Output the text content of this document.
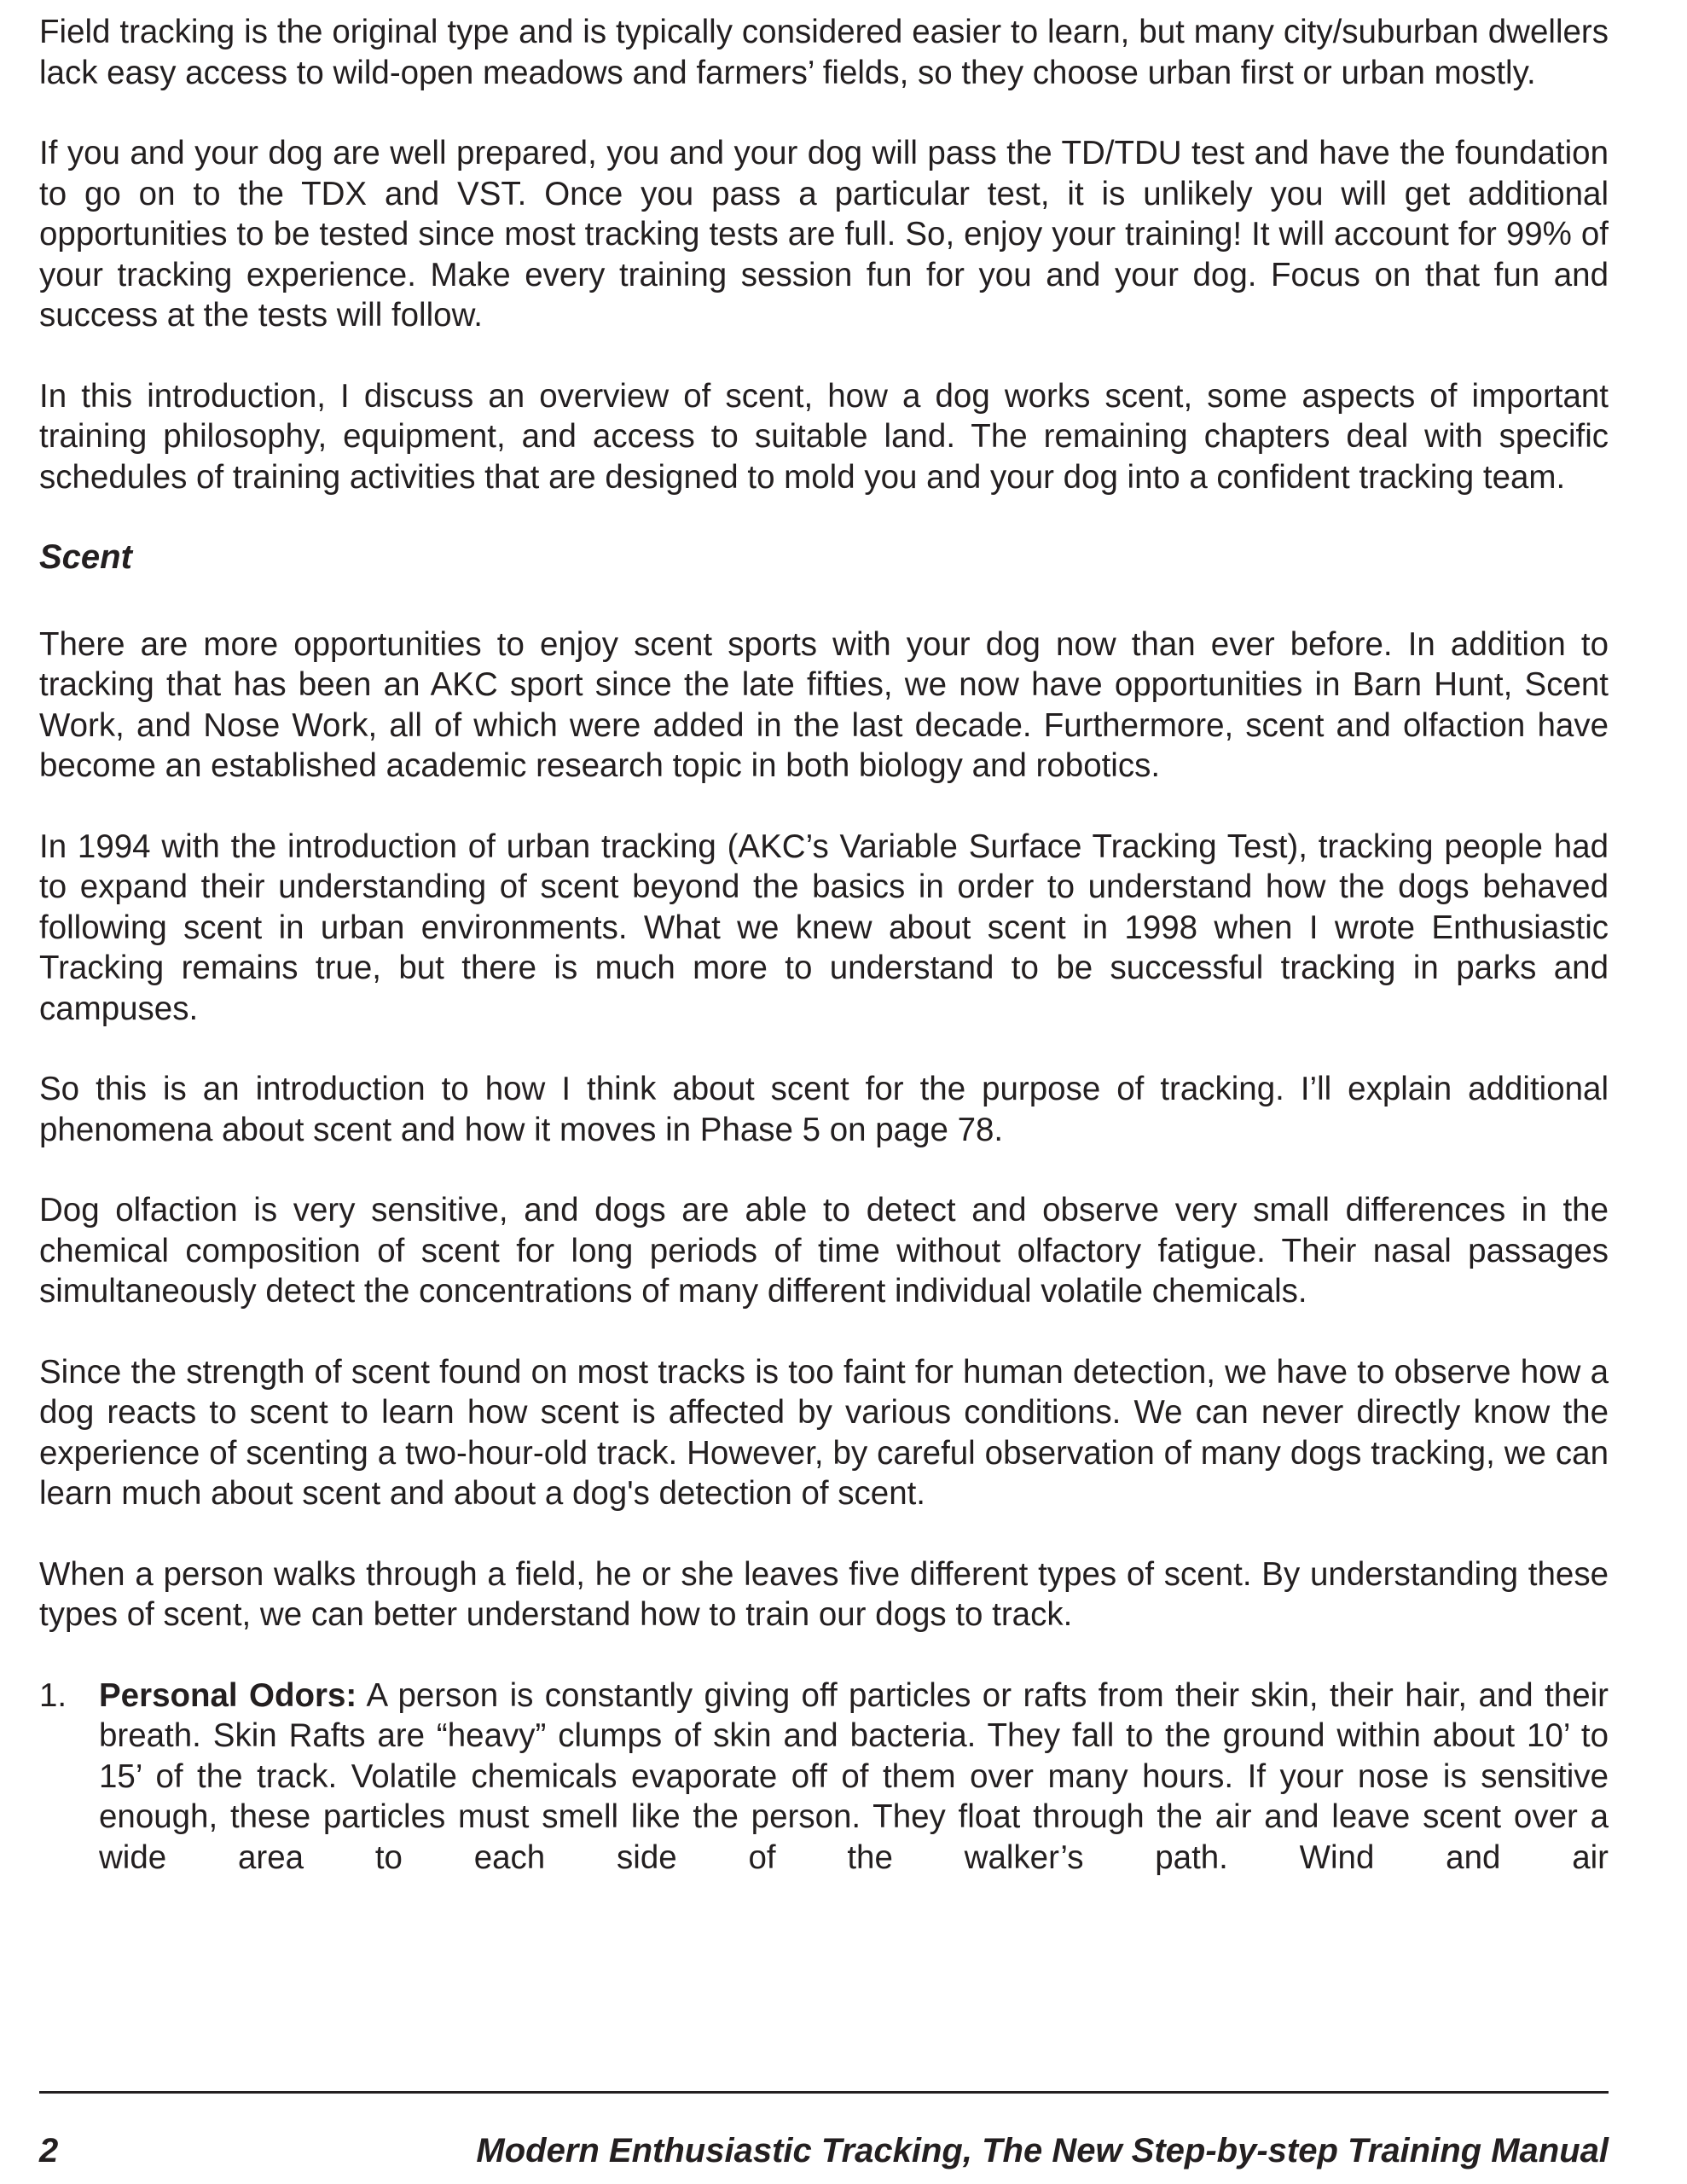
Field tracking is the original type and is typically considered easier to learn, but many city/suburban dwellers lack easy access to wild-open meadows and farmers’ fields, so they choose urban first or urban mostly.

If you and your dog are well prepared, you and your dog will pass the TD/TDU test and have the foundation to go on to the TDX and VST. Once you pass a particular test, it is unlikely you will get additional opportunities to be tested since most tracking tests are full. So, enjoy your training! It will account for 99% of your tracking experience. Make every training session fun for you and your dog. Focus on that fun and success at the tests will follow.

In this introduction, I discuss an overview of scent, how a dog works scent, some aspects of important training philosophy, equipment, and access to suitable land. The remaining chapters deal with specific schedules of training activities that are designed to mold you and your dog into a confident tracking team.

Scent

There are more opportunities to enjoy scent sports with your dog now than ever before. In addition to tracking that has been an AKC sport since the late fifties, we now have opportunities in Barn Hunt, Scent Work, and Nose Work, all of which were added in the last decade. Furthermore, scent and olfaction have become an established academic research topic in both biology and robotics.

In 1994 with the introduction of urban tracking (AKC’s Variable Surface Tracking Test), tracking people had to expand their understanding of scent beyond the basics in order to understand how the dogs behaved following scent in urban environments. What we knew about scent in 1998 when I wrote Enthusiastic Tracking remains true, but there is much more to understand to be successful tracking in parks and campuses.

So this is an introduction to how I think about scent for the purpose of tracking. I’ll explain additional phenomena about scent and how it moves in Phase 5 on page 78.

Dog olfaction is very sensitive, and dogs are able to detect and observe very small differences in the chemical composition of scent for long periods of time without olfactory fatigue. Their nasal passages simultaneously detect the concentrations of many different individual volatile chemicals.

Since the strength of scent found on most tracks is too faint for human detection, we have to observe how a dog reacts to scent to learn how scent is affected by various conditions. We can never directly know the experience of scenting a two-hour-old track. However, by careful observation of many dogs tracking, we can learn much about scent and about a dog's detection of scent.

When a person walks through a field, he or she leaves five different types of scent. By understanding these types of scent, we can better understand how to train our dogs to track.

1. Personal Odors: A person is constantly giving off particles or rafts from their skin, their hair, and their breath. Skin Rafts are “heavy” clumps of skin and bacteria. They fall to the ground within about 10’ to 15’ of the track. Volatile chemicals evaporate off of them over many hours. If your nose is sensitive enough, these particles must smell like the person. They float through the air and leave scent over a wide area to each side of the walker’s path. Wind and air
2	Modern Enthusiastic Tracking, The New Step-by-step Training Manual
